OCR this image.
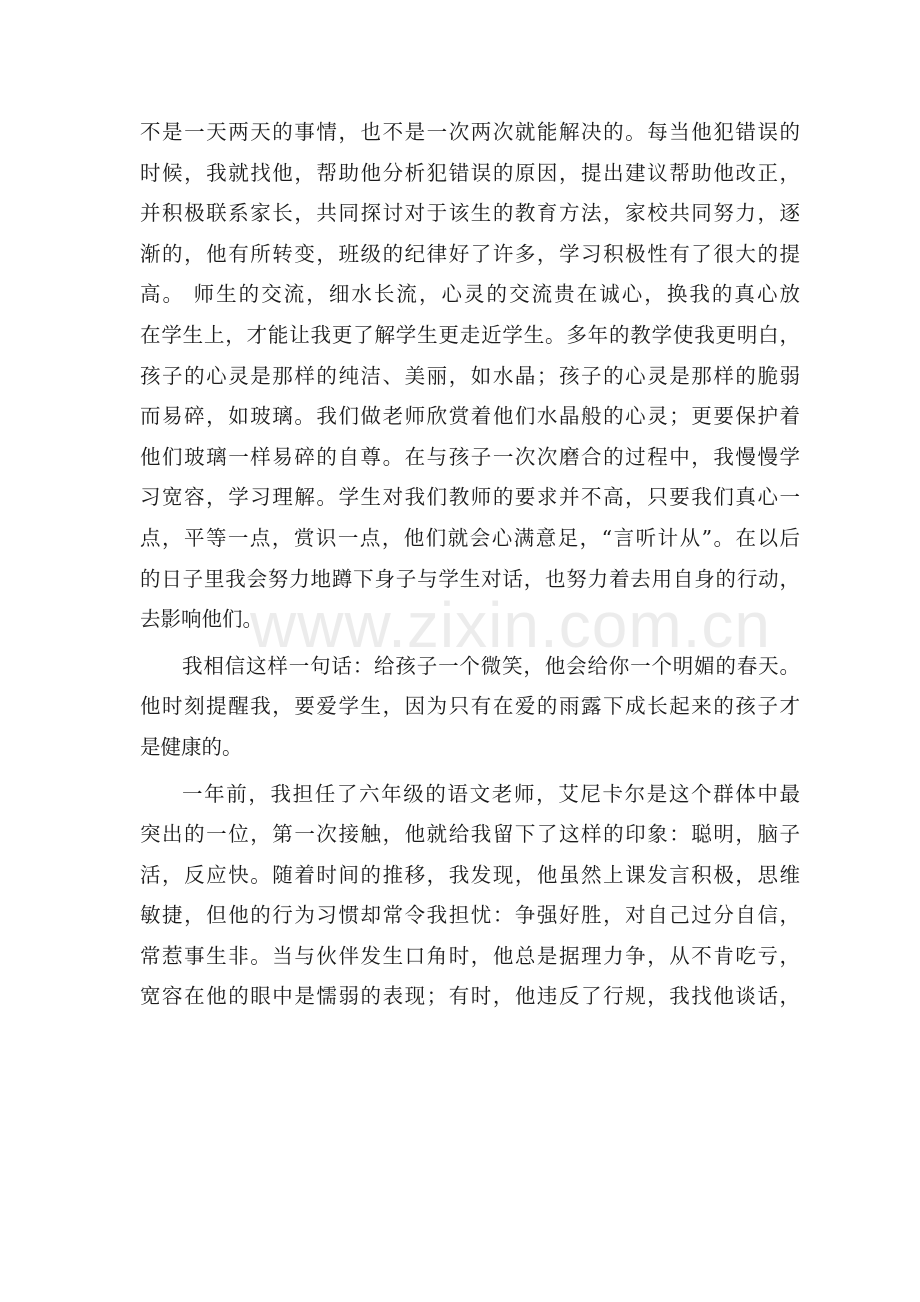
不是一天两天的事情，也不是一次两次就能解决的。每当他犯错误的
时候，我就找他，帮助他分析犯错误的原因，提出建议帮助他改正，
并积极联系家长，共同探讨对于该生的教育方法，家校共同努力，逐
渐的，他有所转变，班级的纪律好了许多，学习积极性有了很大的提
高。 师生的交流，细水长流，心灵的交流贵在诚心，换我的真心放
在学生上，才能让我更了解学生更走近学生。多年的教学使我更明白，
孩子的心灵是那样的纯洁、美丽，如水晶；孩子的心灵是那样的脆弱
而易碎，如玻璃。我们做老师欣赏着他们水晶般的心灵；更要保护着
他们玻璃一样易碎的自尊。在与孩子一次次磨合的过程中，我慢慢学
习宽容，学习理解。学生对我们教师的要求并不高，只要我们真心一
点，平等一点，赏识一点，他们就会心满意足，“言听计从”。在以后
的日子里我会努力地蹲下身子与学生对话，也努力着去用自身的行动，
去影响他们。

我相信这样一句话：给孩子一个微笑，他会给你一个明媚的春天。
他时刻提醒我，要爱学生，因为只有在爱的雨露下成长起来的孩子才
是健康的。

一年前，我担任了六年级的语文老师，艾尼卡尔是这个群体中最
突出的一位，第一次接触，他就给我留下了这样的印象：聪明，脑子
活，反应快。随着时间的推移，我发现，他虽然上课发言积极，思维
敏捷，但他的行为习惯却常令我担忧：争强好胜，对自己过分自信，
常惹事生非。当与伙伴发生口角时，他总是据理力争，从不肯吃亏，
宽容在他的眼中是懦弱的表现；有时，他违反了行规，我找他谈话，

www.zixin.com.cn
